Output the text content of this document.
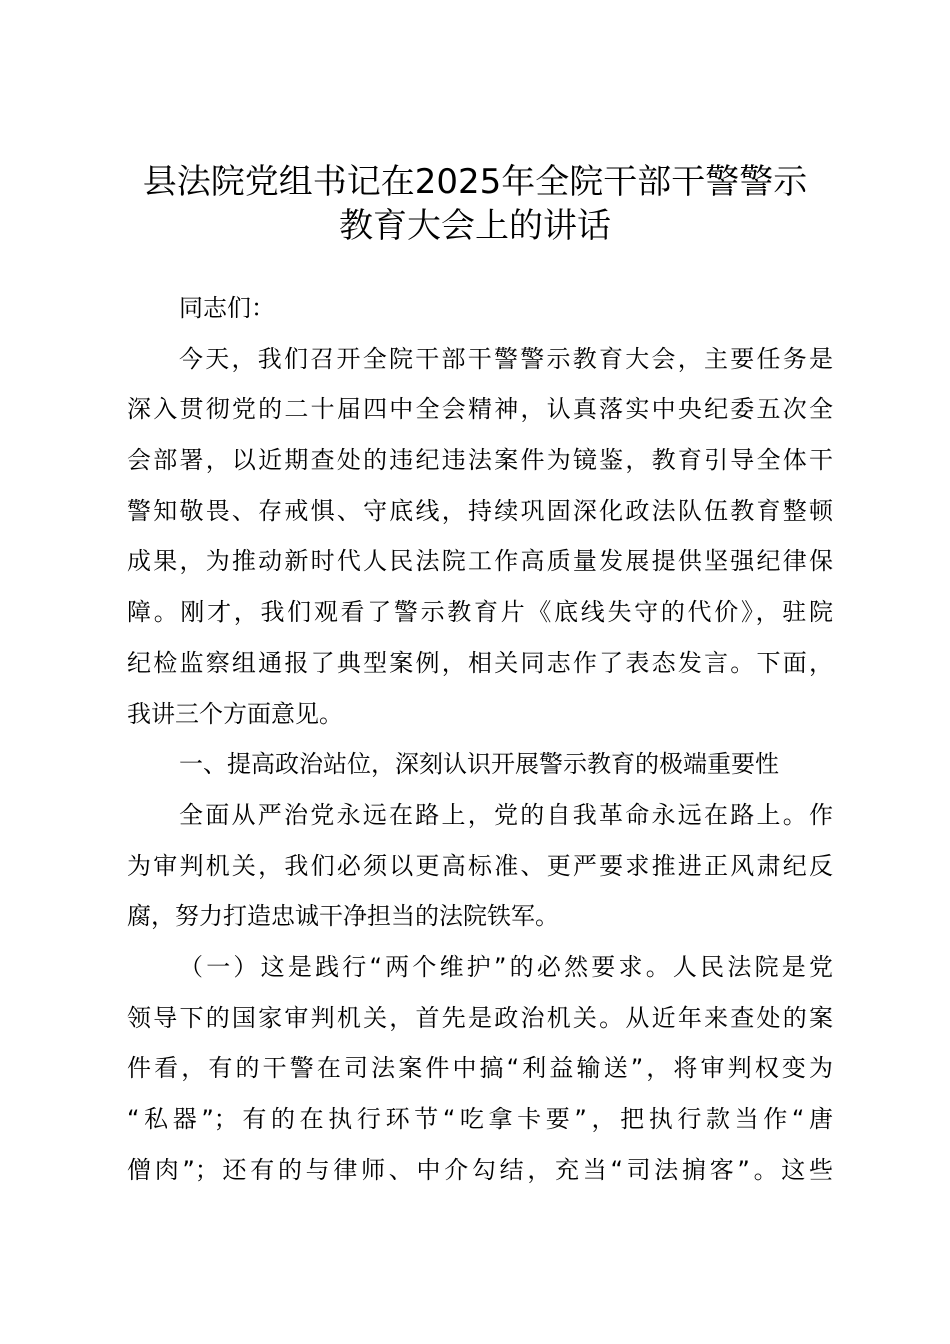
县法院党组书记在2025年全院干部干警警示
教育大会上的讲话
同志们：
今天，我们召开全院干部干警警示教育大会，主要任务是
深入贯彻党的二十届四中全会精神，认真落实中央纪委五次全
会部署，以近期查处的违纪违法案件为镜鉴，教育引导全体干
警知敬畏、存戒惧、守底线，持续巩固深化政法队伍教育整顿
成果，为推动新时代人民法院工作高质量发展提供坚强纪律保
障。刚才，我们观看了警示教育片《底线失守的代价》，驻院
纪检监察组通报了典型案例，相关同志作了表态发言。下面，
我讲三个方面意见。
一、提高政治站位，深刻认识开展警示教育的极端重要性
全面从严治党永远在路上，党的自我革命永远在路上。作
为审判机关，我们必须以更高标准、更严要求推进正风肃纪反
腐，努力打造忠诚干净担当的法院铁军。
（一）这是践行“两个维护”的必然要求。人民法院是党
领导下的国家审判机关，首先是政治机关。从近年来查处的案
件看，有的干警在司法案件中搞“利益输送”，将审判权变为
“私器”；有的在执行环节“吃拿卡要”，把执行款当作“唐
僧肉”；还有的与律师、中介勾结，充当“司法掮客”。这些
